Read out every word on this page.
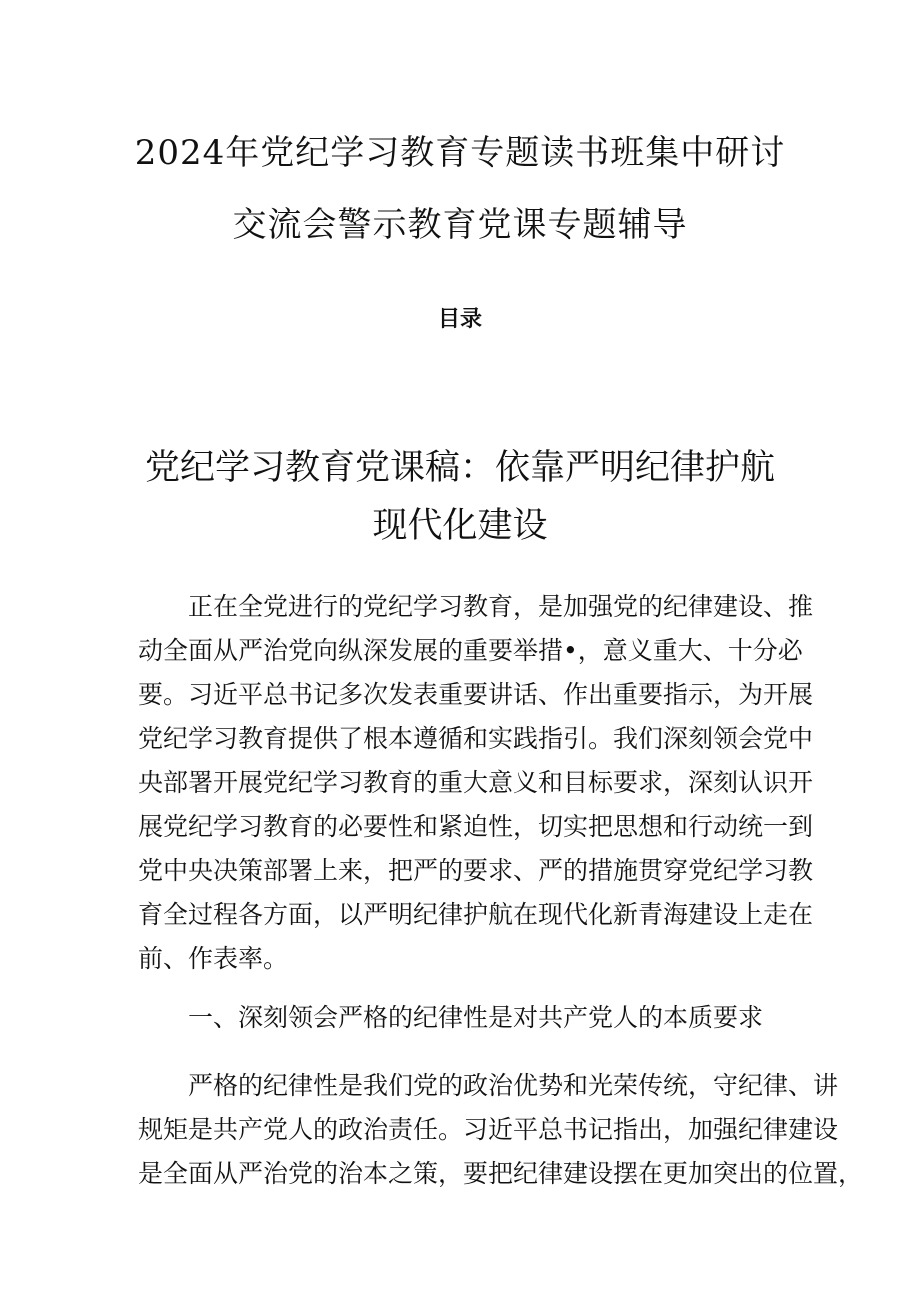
2024年党纪学习教育专题读书班集中研讨
交流会警示教育党课专题辅导
目录
党纪学习教育党课稿：依靠严明纪律护航
现代化建设
正在全党进行的党纪学习教育，是加强党的纪律建设、推
动全面从严治党向纵深发展的重要举措•，意义重大、十分必
要。习近平总书记多次发表重要讲话、作出重要指示，为开展
党纪学习教育提供了根本遵循和实践指引。我们深刻领会党中
央部署开展党纪学习教育的重大意义和目标要求，深刻认识开
展党纪学习教育的必要性和紧迫性，切实把思想和行动统一到
党中央决策部署上来，把严的要求、严的措施贯穿党纪学习教
育全过程各方面，以严明纪律护航在现代化新青海建设上走在
前、作表率。
一、深刻领会严格的纪律性是对共产党人的本质要求
严格的纪律性是我们党的政治优势和光荣传统，守纪律、讲
规矩是共产党人的政治责任。习近平总书记指出，加强纪律建设
是全面从严治党的治本之策，要把纪律建设摆在更加突出的位置，
